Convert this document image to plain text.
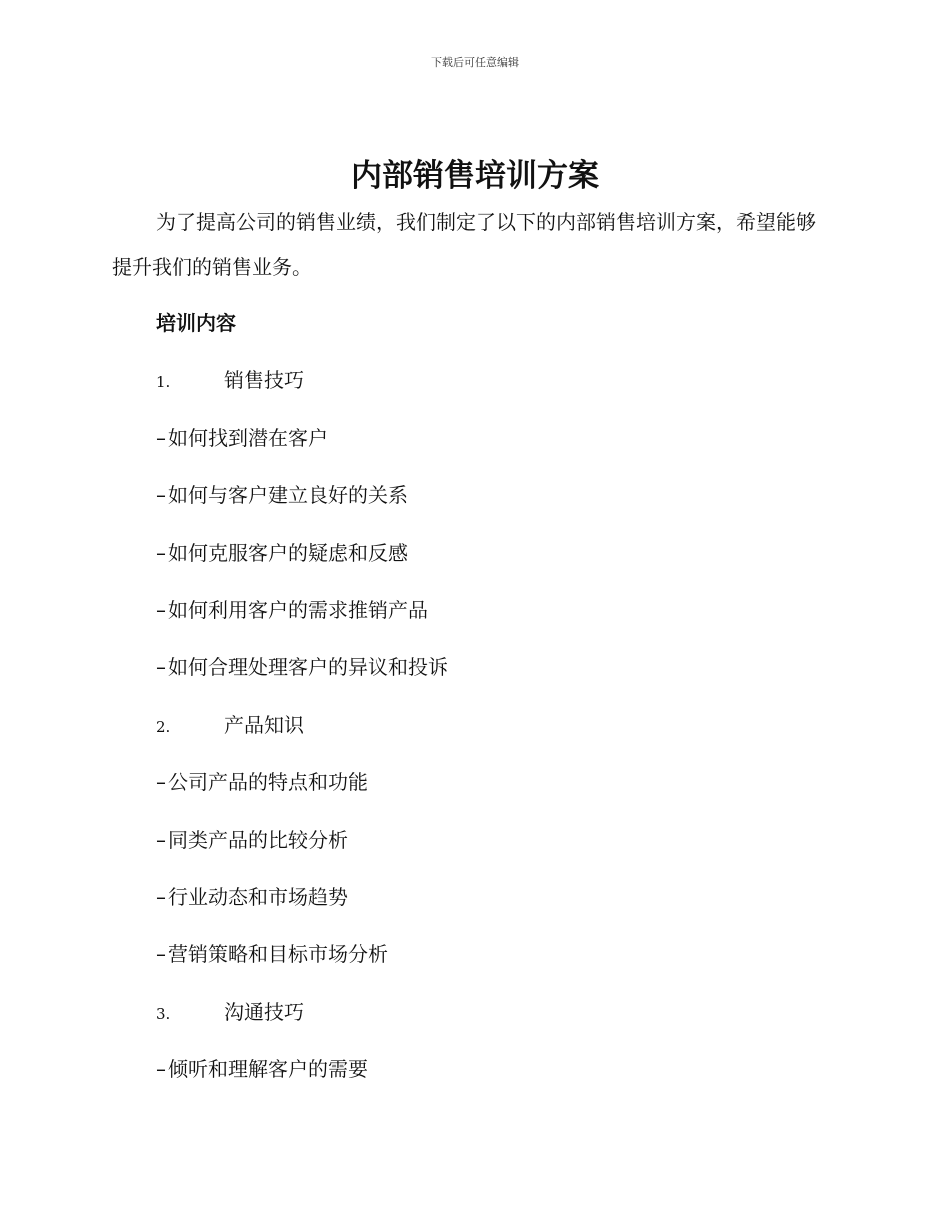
下载后可任意编辑
内部销售培训方案

为了提高公司的销售业绩，我们制定了以下的内部销售培训方案，希望能够提升我们的销售业务。

培训内容
1.	销售技巧
– 如何找到潜在客户
– 如何与客户建立良好的关系
– 如何克服客户的疑虑和反感
– 如何利用客户的需求推销产品
– 如何合理处理客户的异议和投诉
2.	产品知识
– 公司产品的特点和功能
– 同类产品的比较分析
– 行业动态和市场趋势
– 营销策略和目标市场分析
3.	沟通技巧
– 倾听和理解客户的需要
